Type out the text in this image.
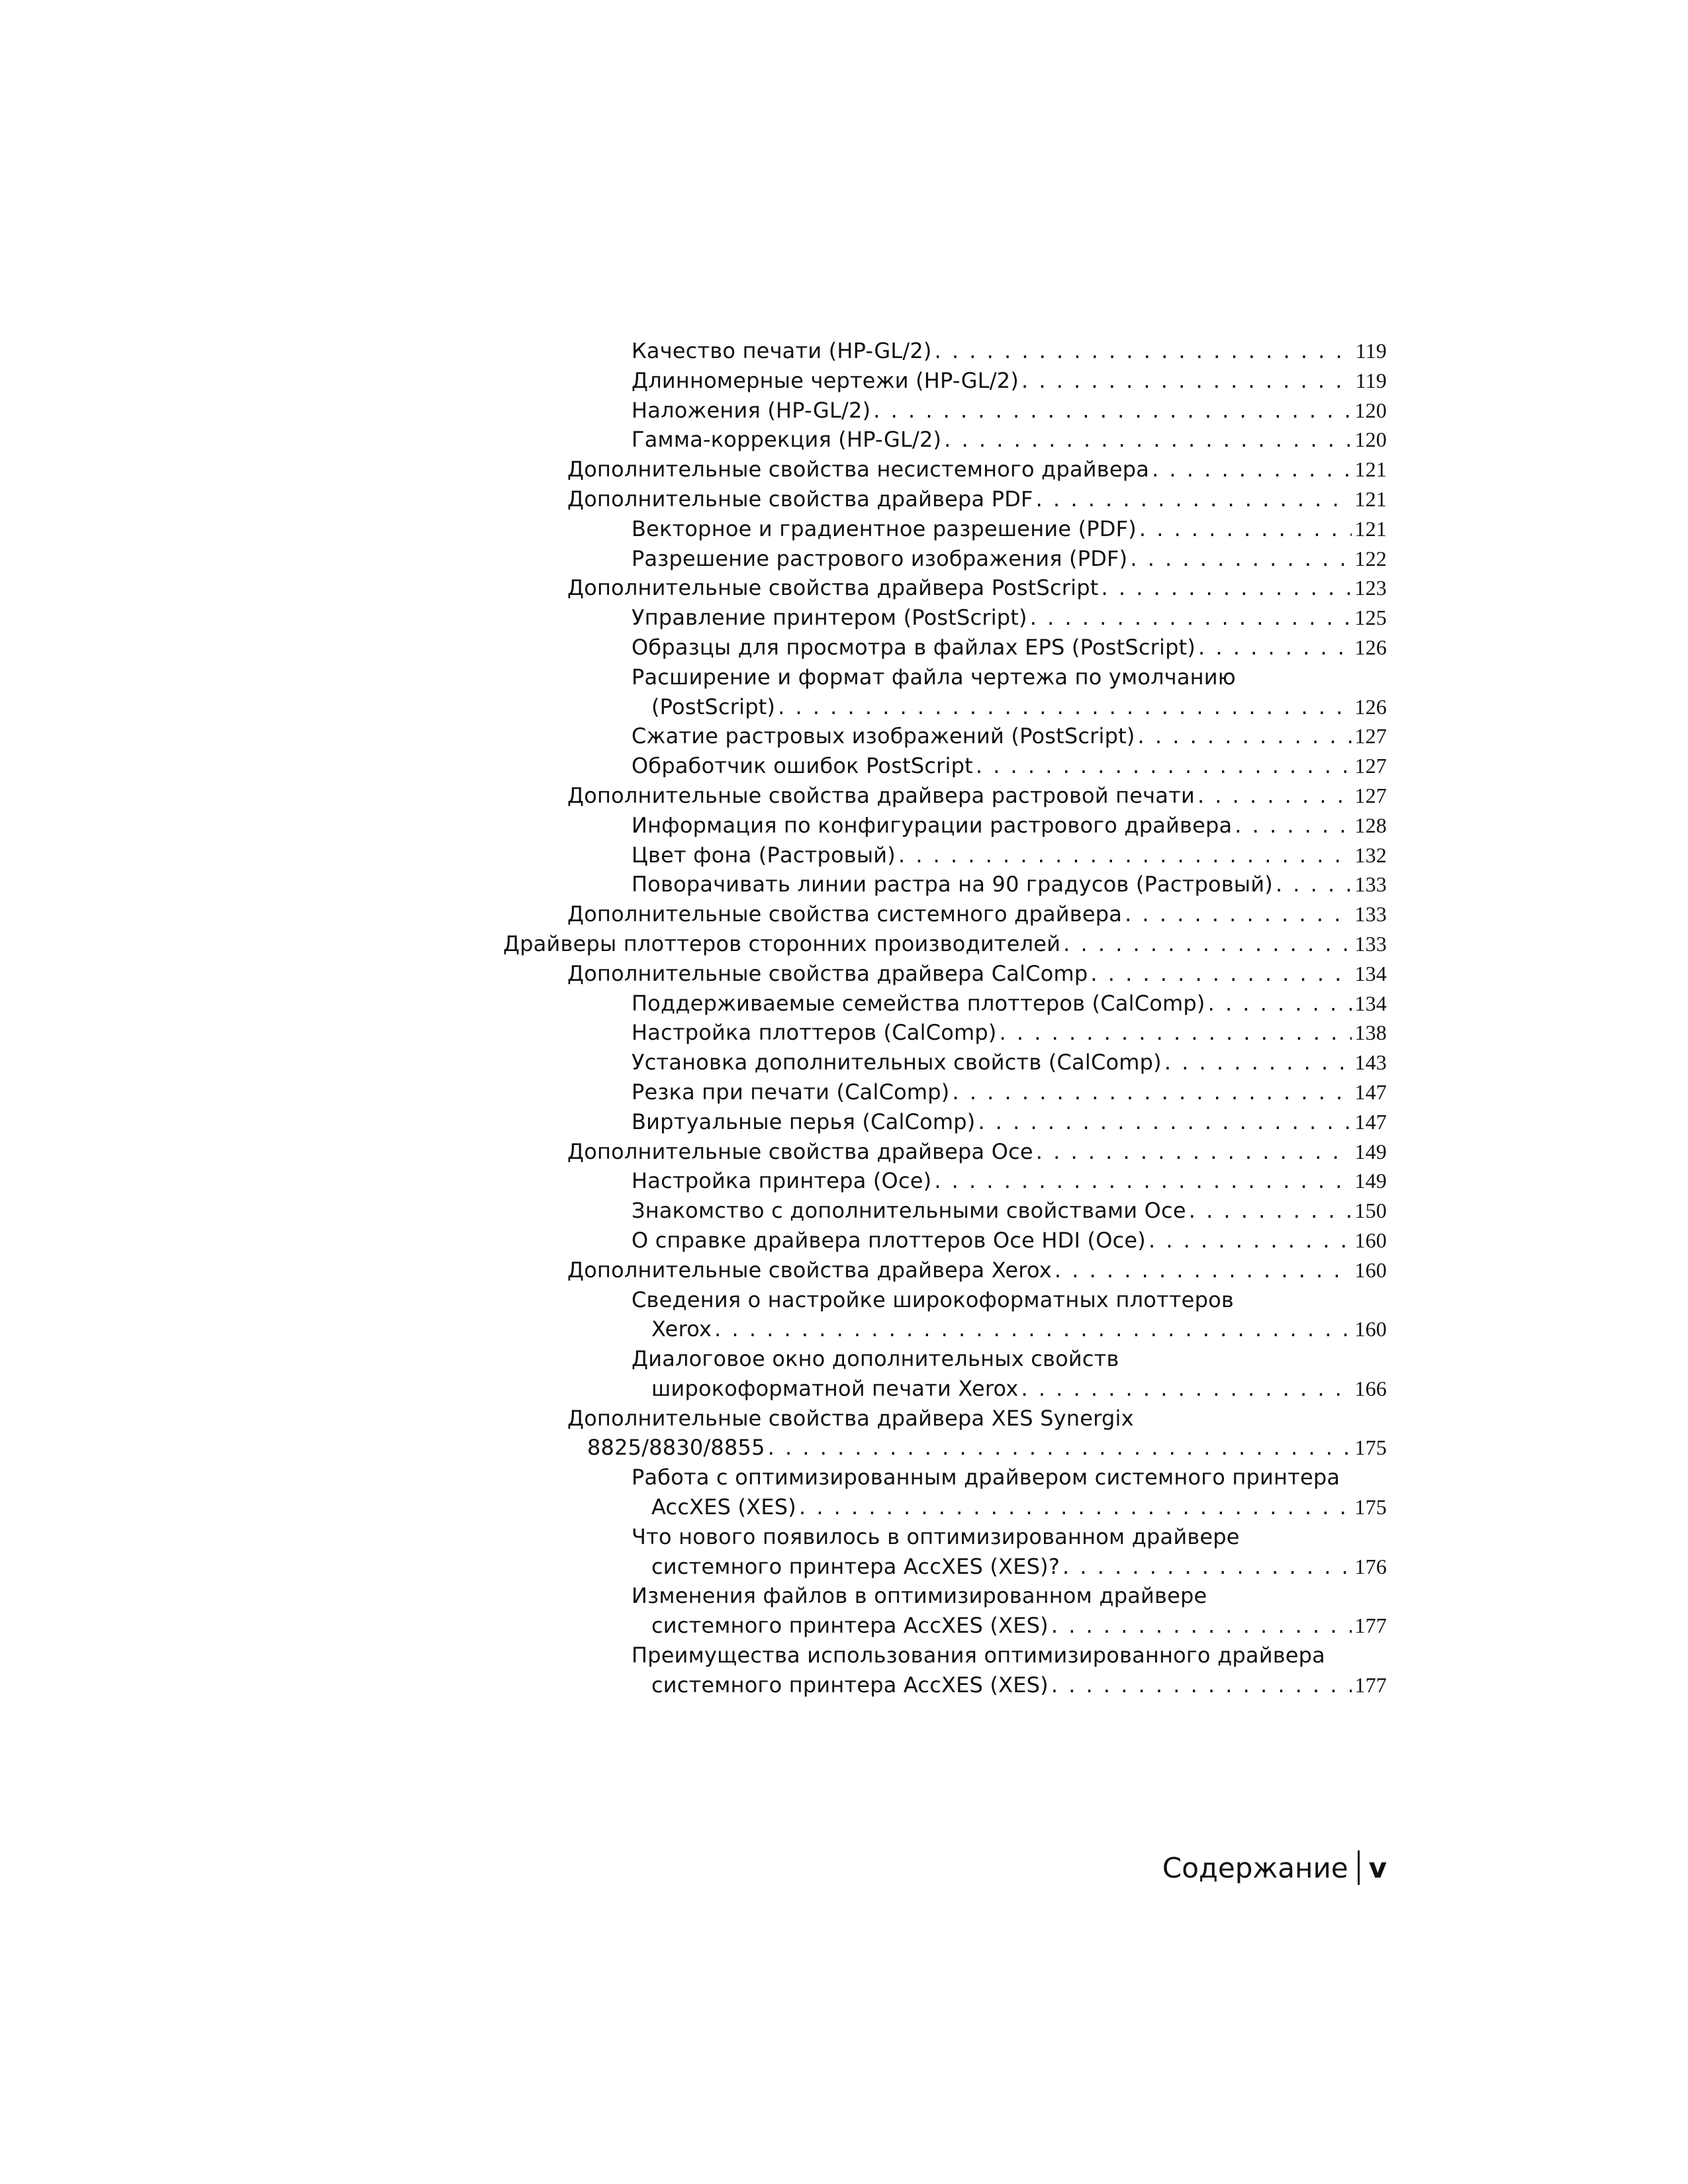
Качество печати (HP-GL/2) . . .	119
Длинномерные чертежи (HP-GL/2) . . .	119
Наложения (HP-GL/2) . . .	120
Гамма-коррекция (HP-GL/2) . . .	120
Дополнительные свойства несистемного драйвера . . .	121
Дополнительные свойства драйвера PDF . . .	121
Векторное и градиентное разрешение (PDF) . . .	121
Разрешение растрового изображения (PDF) . . .	122
Дополнительные свойства драйвера PostScript . . .	123
Управление принтером (PostScript) . . .	125
Образцы для просмотра в файлах EPS (PostScript) . . .	126
Расширение и формат файла чертежа по умолчанию
(PostScript) . . .	126
Сжатие растровых изображений (PostScript) . . .	127
Обработчик ошибок PostScript . . .	127
Дополнительные свойства драйвера растровой печати . . .	127
Информация по конфигурации растрового драйвера . . .	128
Цвет фона (Растровый) . . .	132
Поворачивать линии растра на 90 градусов (Растровый) . . .	133
Дополнительные свойства системного драйвера . . .	133
Драйверы плоттеров сторонних производителей . . .	133
Дополнительные свойства драйвера CalComp . . .	134
Поддерживаемые семейства плоттеров (CalComp) . . .	134
Настройка плоттеров (CalComp) . . .	138
Установка дополнительных свойств (CalComp) . . .	143
Резка при печати (CalComp) . . .	147
Виртуальные перья (CalComp) . . .	147
Дополнительные свойства драйвера Oce . . .	149
Настройка принтера (Oce) . . .	149
Знакомство с дополнительными свойствами Oce . . .	150
О справке драйвера плоттеров Oce HDI (Oce) . . .	160
Дополнительные свойства драйвера Xerox . . .	160
Сведения о настройке широкоформатных плоттеров
Xerox . . .	160
Диалоговое окно дополнительных свойств
широкоформатной печати Xerox . . .	166
Дополнительные свойства драйвера XES Synergix
8825/8830/8855 . . .	175
Работа с оптимизированным драйвером системного принтера
AccXES (XES) . . .	175
Что нового появилось в оптимизированном драйвере
системного принтера AccXES (XES)? . . .	176
Изменения файлов в оптимизированном драйвере
системного принтера AccXES (XES) . . .	177
Преимущества использования оптимизированного драйвера
системного принтера AccXES (XES) . . .	177
Содержание v
